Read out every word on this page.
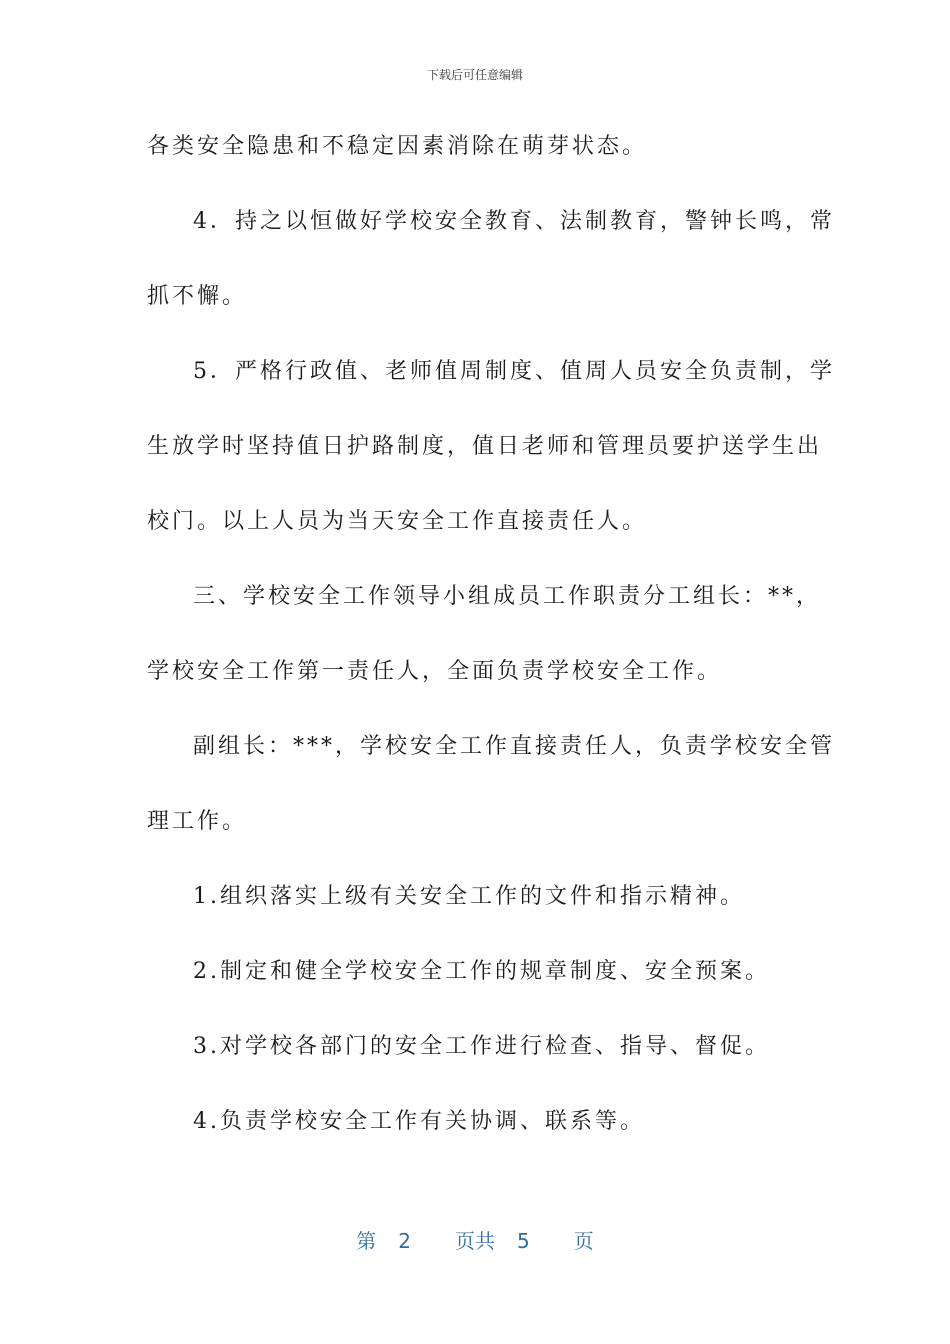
下载后可任意编辑
各类安全隐患和不稳定因素消除在萌芽状态。
4．持之以恒做好学校安全教育、法制教育，警钟长鸣，常
抓不懈。
5．严格行政值、老师值周制度、值周人员安全负责制，学
生放学时坚持值日护路制度，值日老师和管理员要护送学生出
校门。以上人员为当天安全工作直接责任人。
三、学校安全工作领导小组成员工作职责分工组长：**，
学校安全工作第一责任人，全面负责学校安全工作。
副组长：***，学校安全工作直接责任人，负责学校安全管
理工作。
1.组织落实上级有关安全工作的文件和指示精神。
2.制定和健全学校安全工作的规章制度、安全预案。
3.对学校各部门的安全工作进行检查、指导、督促。
4.负责学校安全工作有关协调、联系等。
第 2 页共 5 页
